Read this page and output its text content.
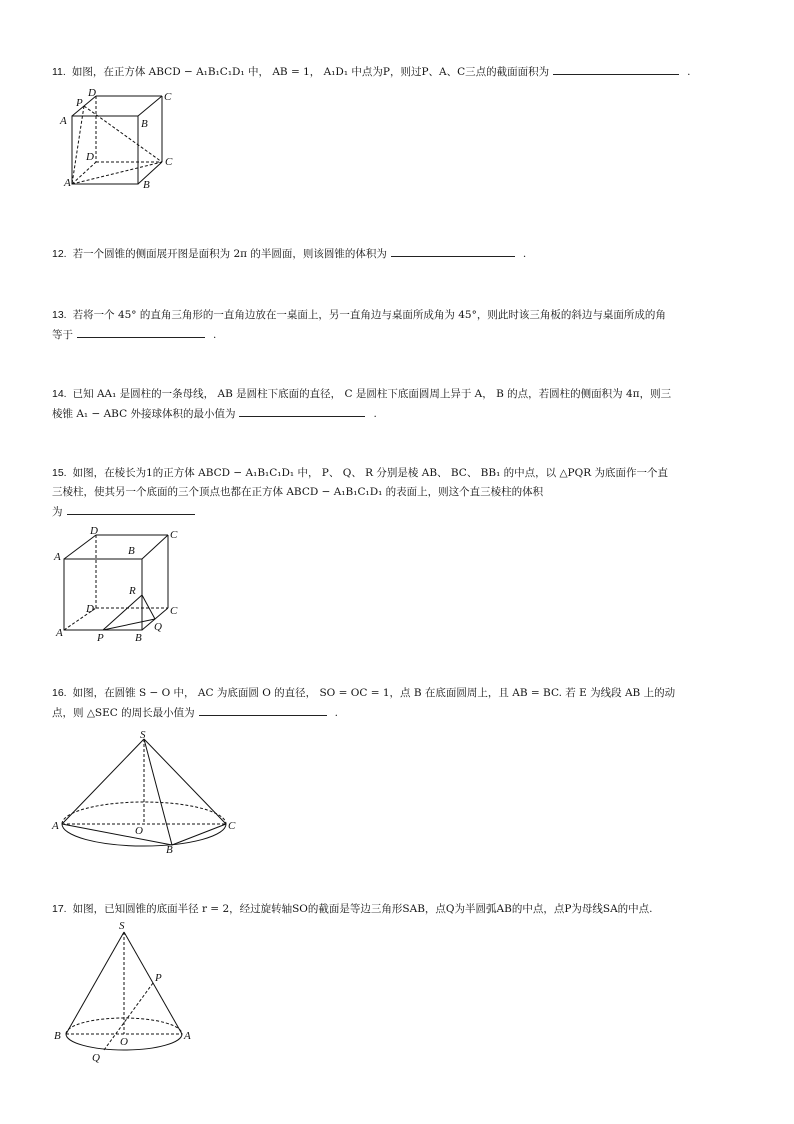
11. 如图，在正方体 ABCD − A₁B₁C₁D₁ 中， AB = 1， A₁D₁ 中点为P，则过P、A、C三点的截面面积为	.
P
D	C
A	B
D	C
A	B
12. 若一个圆锥的侧面展开图是面积为 2π 的半圆面，则该圆锥的体积为	.
13. 若将一个 45° 的直角三角形的一直角边放在一桌面上，另一直角边与桌面所成角为 45°，则此时该三角板的斜边与桌面所成的角
等于	.
14. 已知 AA₁ 是圆柱的一条母线， AB 是圆柱下底面的直径， C 是圆柱下底面圆周上异于 A， B 的点，若圆柱的侧面积为 4π，则三
棱锥 A₁ − ABC 外接球体积的最小值为	.
15. 如图，在棱长为1的正方体 ABCD − A₁B₁C₁D₁ 中， P、 Q、 R 分别是棱 AB、 BC、 BB₁ 的中点，以 △PQR 为底面作一个直
三棱柱，使其另一个底面的三个顶点也都在正方体 ABCD − A₁B₁C₁D₁ 的表面上，则这个直三棱柱的体积
为
D	C
A	B
R
D	C
A	P	B
Q
16. 如图，在圆锥 S − O 中， AC 为底面圆 O 的直径， SO = OC = 1，点 B 在底面圆周上，且 AB = BC. 若 E 为线段 AB 上的动
点，则 △SEC 的周长最小值为	.
S
A	O	C
B
17. 如图，已知圆锥的底面半径 r = 2，经过旋转轴SO的截面是等边三角形SAB，点Q为半圆弧AB的中点，点P为母线SA的中点.
S
P
B	O	A
Q
